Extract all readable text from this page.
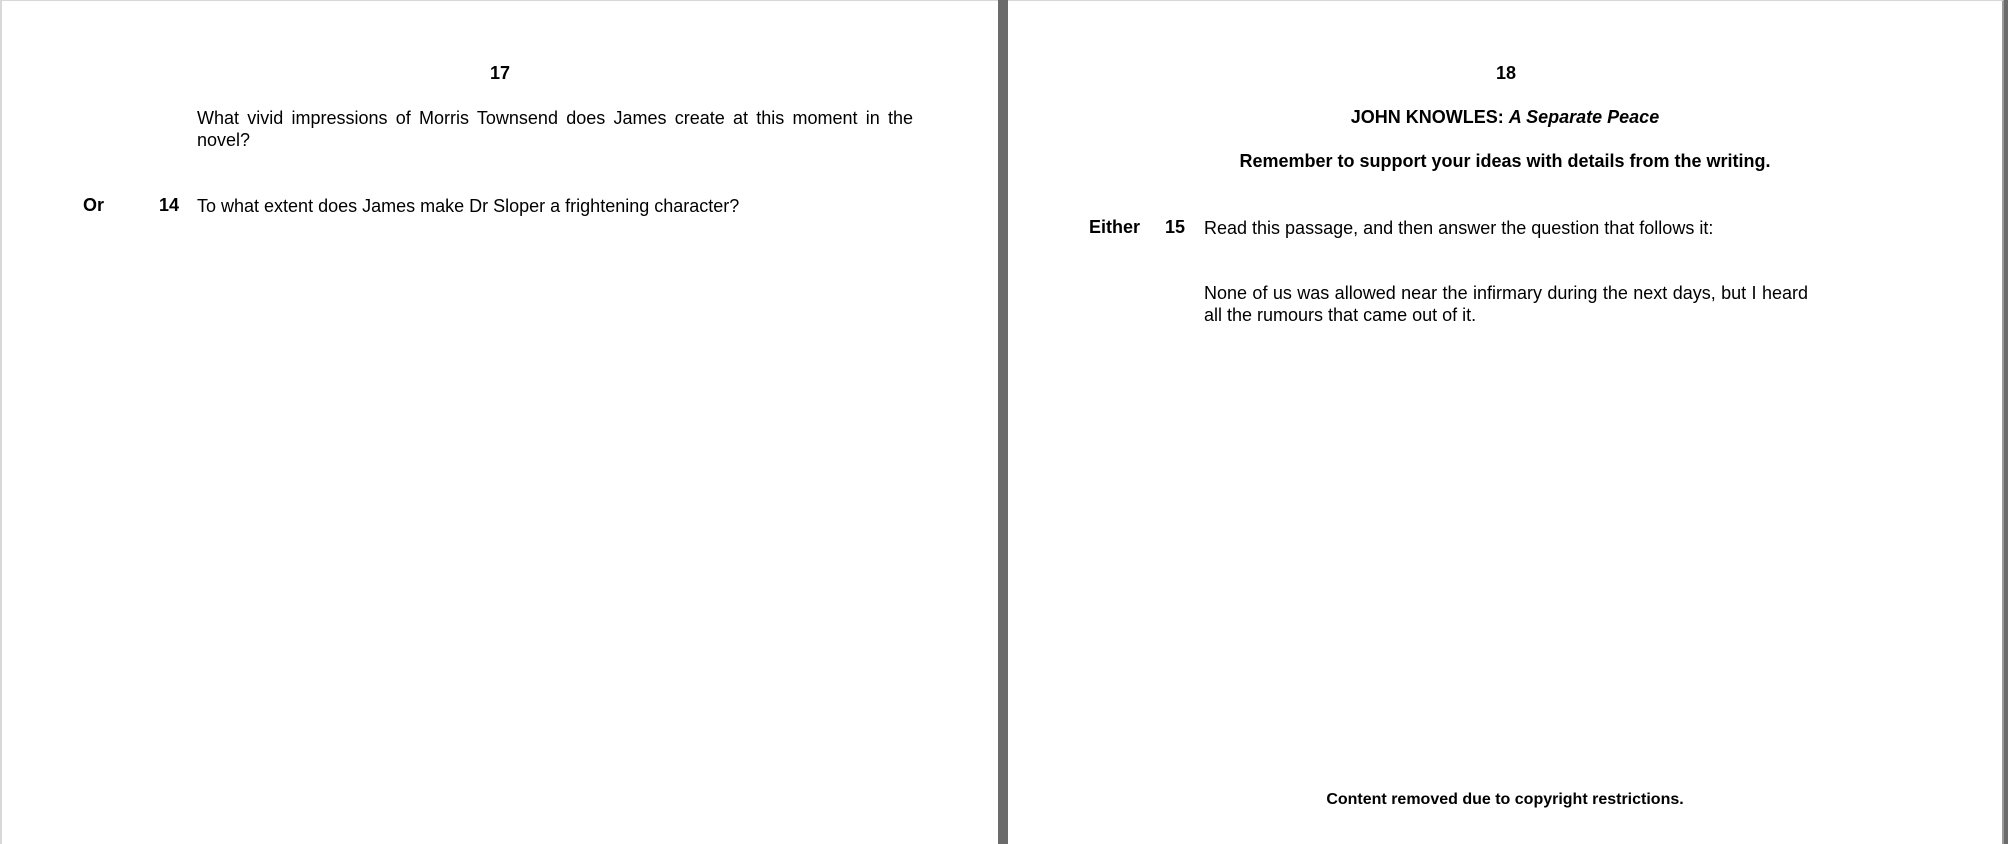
17
What vivid impressions of Morris Townsend does James create at this moment in the novel?
Or	14 To what extent does James make Dr Sloper a frightening character?
18
JOHN KNOWLES: A Separate Peace
Remember to support your ideas with details from the writing.
Either 15 Read this passage, and then answer the question that follows it:
None of us was allowed near the infirmary during the next days, but I heard all the rumours that came out of it.
Content removed due to copyright restrictions.
